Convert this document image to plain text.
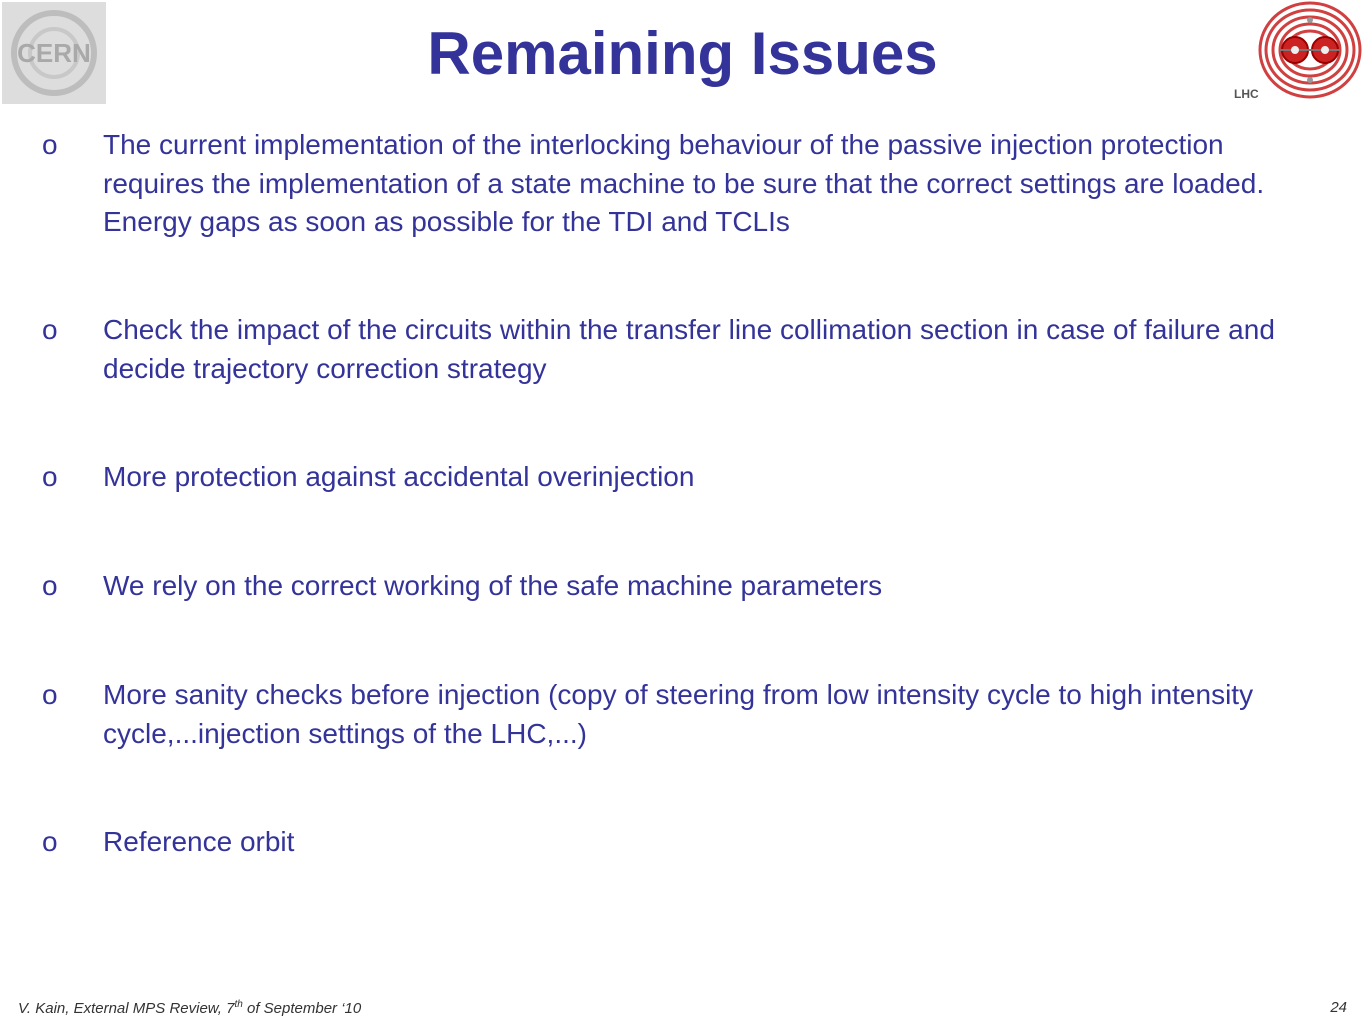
CERN	Remaining Issues
LHC
o	The current implementation of the interlocking behaviour of the passive injection protection requires the implementation of a state machine to be sure that the correct settings are loaded. Energy gaps as soon as possible for the TDI and TCLIs
o	Check the impact of the circuits within the transfer line collimation section in case of failure and decide trajectory correction strategy
o	More protection against accidental overinjection
o	We rely on the correct working of the safe machine parameters
o	More sanity checks before injection (copy of steering from low intensity cycle to high intensity cycle,...injection settings of the LHC,...)
o	Reference orbit
V. Kain, External MPS Review, 7th of September ‘10	24
